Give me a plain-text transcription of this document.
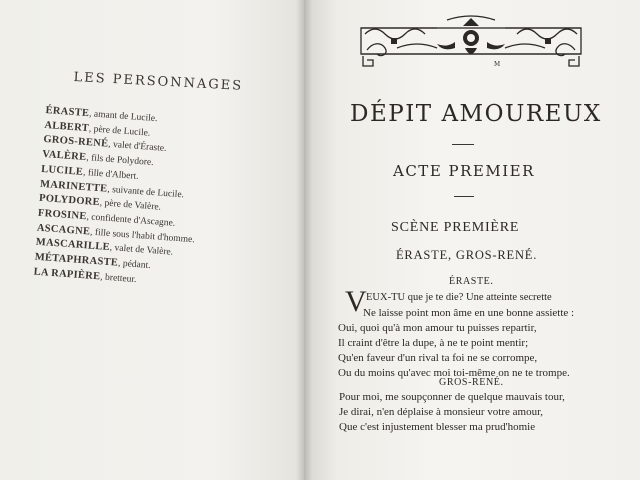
LES PERSONNAGES
ÉRASTE, amant de Lucile.
ALBERT, père de Lucile.
GROS-RENÉ, valet d'Éraste.
VALÈRE, fils de Polydore.
LUCILE, fille d'Albert.
MARINETTE, suivante de Lucile.
POLYDORE, père de Valère.
FROSINE, confidente d'Ascagne.
ASCAGNE, fille sous l'habit d'homme.
MASCARILLE, valet de Valère.
MÉTAPHRASTE, pédant.
LA RAPIÈRE, bretteur.
M
DÉPIT AMOUREUX
ACTE PREMIER
SCÈNE PREMIÈRE
ÉRASTE, GROS-RENÉ.
ÉRASTE.
V EUX-TU que je te die? Une atteinte secrette
Ne laisse point mon âme en une bonne assiette :
Oui, quoi qu'à mon amour tu puisses repartir,
Il craint d'être la dupe, à ne te point mentir;
Qu'en faveur d'un rival ta foi ne se corrompe,
Ou du moins qu'avec moi toi-même on ne te trompe.
GROS-RENÉ.
Pour moi, me soupçonner de quelque mauvais tour,
Je dirai, n'en déplaise à monsieur votre amour,
Que c'est injustement blesser ma prud'homie
